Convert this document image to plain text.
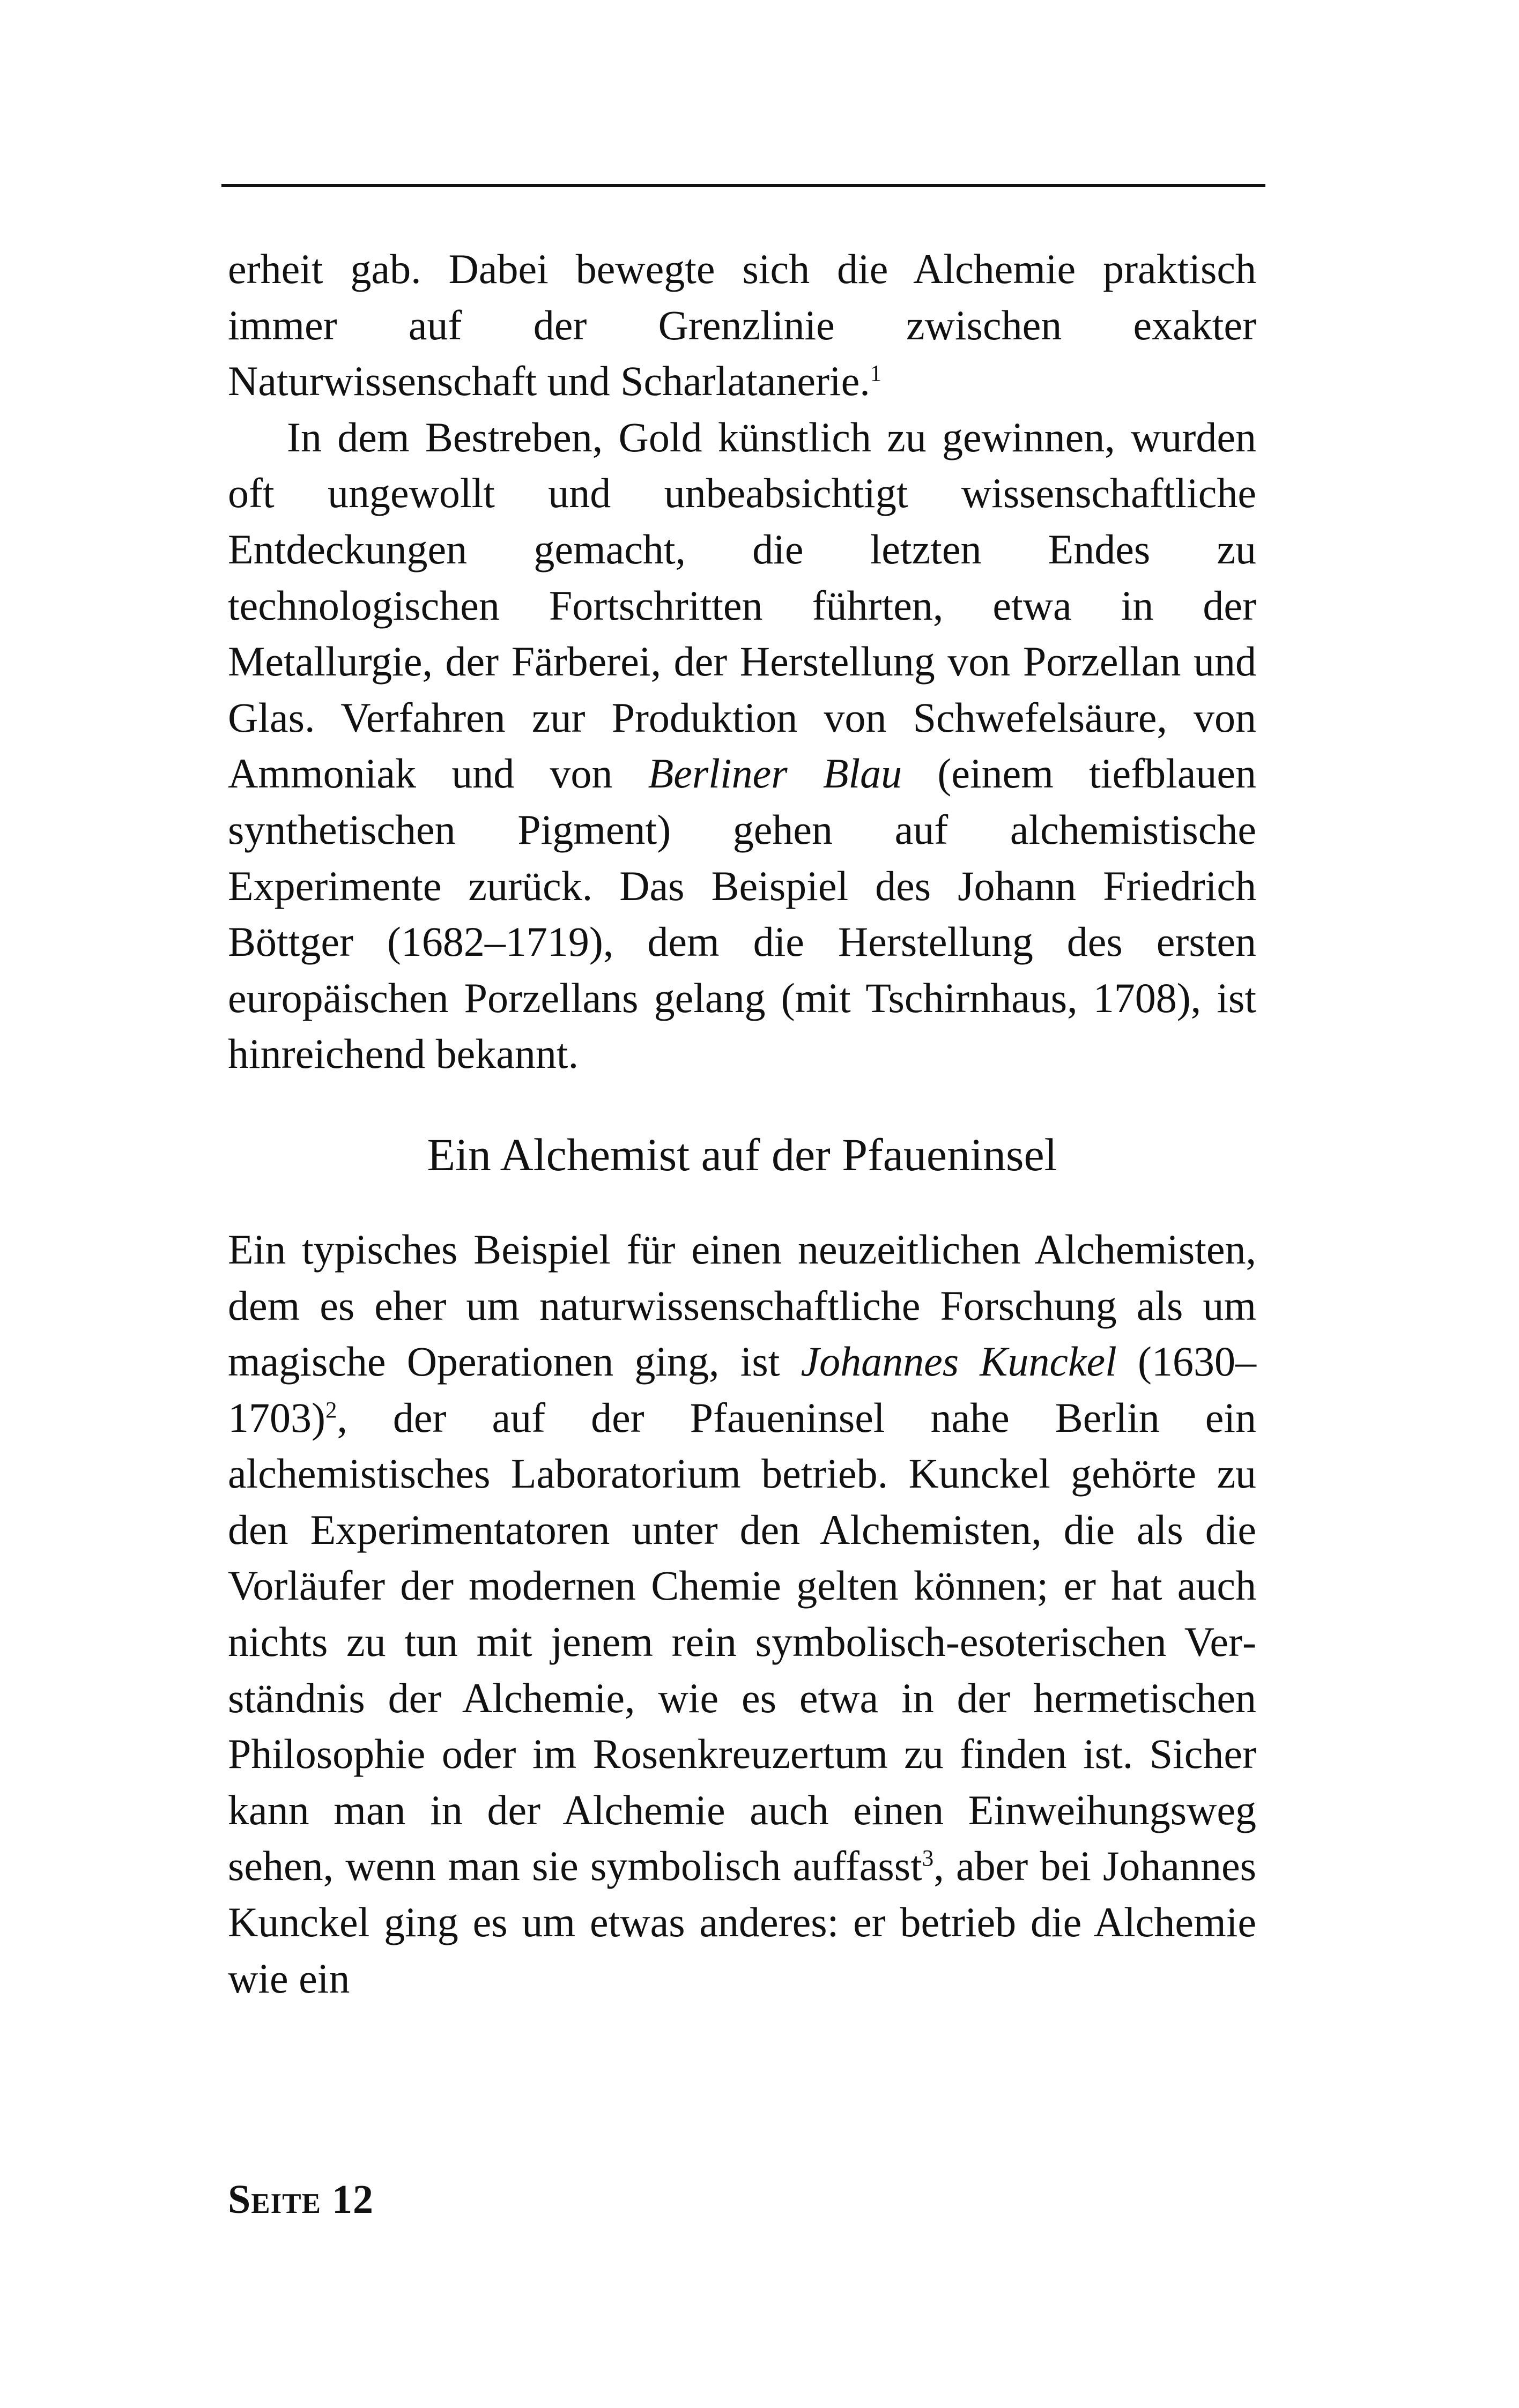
erheit gab. Dabei bewegte sich die Alchemie praktisch immer auf der Grenzlinie zwischen exakter Naturwissenschaft und Scharlatanerie.$^1$

In dem Bestreben, Gold künstlich zu gewinnen, wurden oft ungewollt und unbeabsichtigt wissenschaftliche Entdeckungen gemacht, die letzten Endes zu technologischen Fortschritten führten, etwa in der Metallurgie, der Färberei, der Herstellung von Porzellan und Glas. Verfahren zur Produktion von Schwefelsäure, von Ammoniak und von Berliner Blau (einem tiefblauen synthetischen Pigment) gehen auf alchemistische Experimente zurück. Das Beispiel des Johann Friedrich Böttger (1682–1719), dem die Herstellung des ersten europäischen Porzellans gelang (mit Tschirnhaus, 1708), ist hinreichend bekannt.

Ein Alchemist auf der Pfaueninsel

Ein typisches Beispiel für einen neuzeitlichen Alchemisten, dem es eher um naturwissenschaftliche Forschung als um magische Operationen ging, ist Johannes Kunckel (1630–1703)$^2$, der auf der Pfaueninsel nahe Berlin ein alchemistisches Laboratorium betrieb. Kunckel gehörte zu den Experimentatoren unter den Alchemisten, die als die Vorläufer der modernen Chemie gelten können; er hat auch nichts zu tun mit jenem rein symbolisch-esoterischen Verständnis der Alchemie, wie es etwa in der hermetischen Philosophie oder im Rosenkreuzertum zu finden ist. Sicher kann man in der Alchemie auch einen Einweihungsweg sehen, wenn man sie symbolisch auffasst$^3$, aber bei Johannes Kunckel ging es um etwas anderes: er betrieb die Alchemie wie ein

Seite 12
